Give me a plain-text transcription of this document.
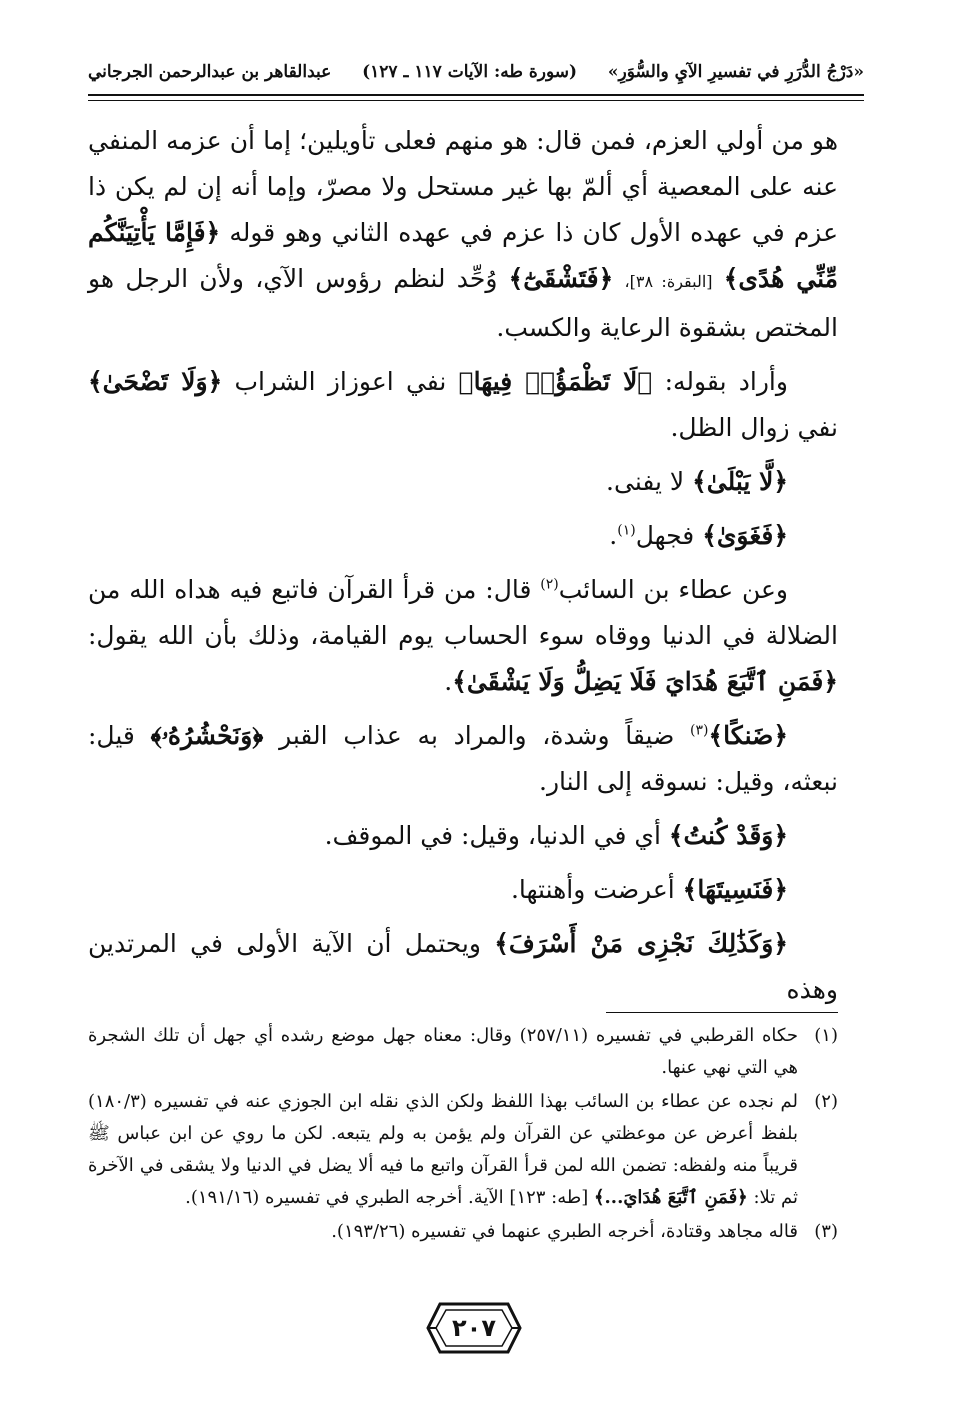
«دَرْجُ الدُّرَرِ في تفسيرِ الآيِ والسُّوَرِ»
(سورة طه: الآيات ١١٧ ـ ١٢٧)
عبدالقاهر بن عبدالرحمن الجرجاني

هو من أولي العزم، فمن قال: هو منهم فعلى تأويلين؛ إما أن عزمه المنفي عنه على المعصية أي ألمّ بها غير مستحل ولا مصرّ، وإما أنه إن لم يكن ذا عزم في عهده الأول كان ذا عزم في عهده الثاني وهو قوله ﴿فَإِمَّا يَأْتِيَنَّكُم مِّنِّي هُدًى﴾ [البقرة: ٣٨]، ﴿فَتَشْقَىٰٓ﴾ وُحِّد لنظم رؤوس الآي، ولأن الرجل هو المختص بشقوة الرعاية والكسب.

وأراد بقوله: ﴿لَا تَظْمَؤُا۟ فِيهَا﴾ نفي اعوزاز الشراب ﴿وَلَا تَضْحَىٰ﴾ نفي زوال الظل.

﴿لَّا يَبْلَىٰ﴾ لا يفنى.

﴿فَغَوَىٰ﴾ فجهل$^{(١)}$.

وعن عطاء بن السائب$^{(٢)}$ قال: من قرأ القرآن فاتبع فيه هداه الله من الضلالة في الدنيا ووقاه سوء الحساب يوم القيامة، وذلك بأن الله يقول: ﴿فَمَنِ ٱتَّبَعَ هُدَايَ فَلَا يَضِلُّ وَلَا يَشْقَىٰ﴾.

﴿ضَنكًا﴾$^{(٣)}$ ضيقاً وشدة، والمراد به عذاب القبر ﴿وَنَحْشُرُهُۥ﴾ قيل: نبعثه، وقيل: نسوقه إلى النار.

﴿وَقَدْ كُنتُ﴾ أي في الدنيا، وقيل: في الموقف.

﴿فَنَسِيتَهَا﴾ أعرضت وأهنتها.

﴿وَكَذَٰلِكَ نَجْزِى مَنْ أَسْرَفَ﴾ ويحتمل أن الآية الأولى في المرتدين وهذه

(١)
حكاه القرطبي في تفسيره (٢٥٧/١١) وقال: معناه جهل موضع رشده أي جهل أن تلك الشجرة هي التي نهي عنها.
(٢)
لم نجده عن عطاء بن السائب بهذا اللفظ ولكن الذي نقله ابن الجوزي عنه في تفسيره (١٨٠/٣) بلفظ أعرض عن موعظتي عن القرآن ولم يؤمن به ولم يتبعه. لكن ما روي عن ابن عباس ﷺ قريباً منه ولفظه: تضمن الله لمن قرأ القرآن واتبع ما فيه ألا يضل في الدنيا ولا يشقى في الآخرة ثم تلا: ﴿فَمَنِ ٱتَّبَعَ هُدَايَ...﴾ [طه: ١٢٣] الآية. أخرجه الطبري في تفسيره (١٩١/١٦).
(٣)
قاله مجاهد وقتادة، أخرجه الطبري عنهما في تفسيره (١٩٣/٢٦).
٢٠٧
